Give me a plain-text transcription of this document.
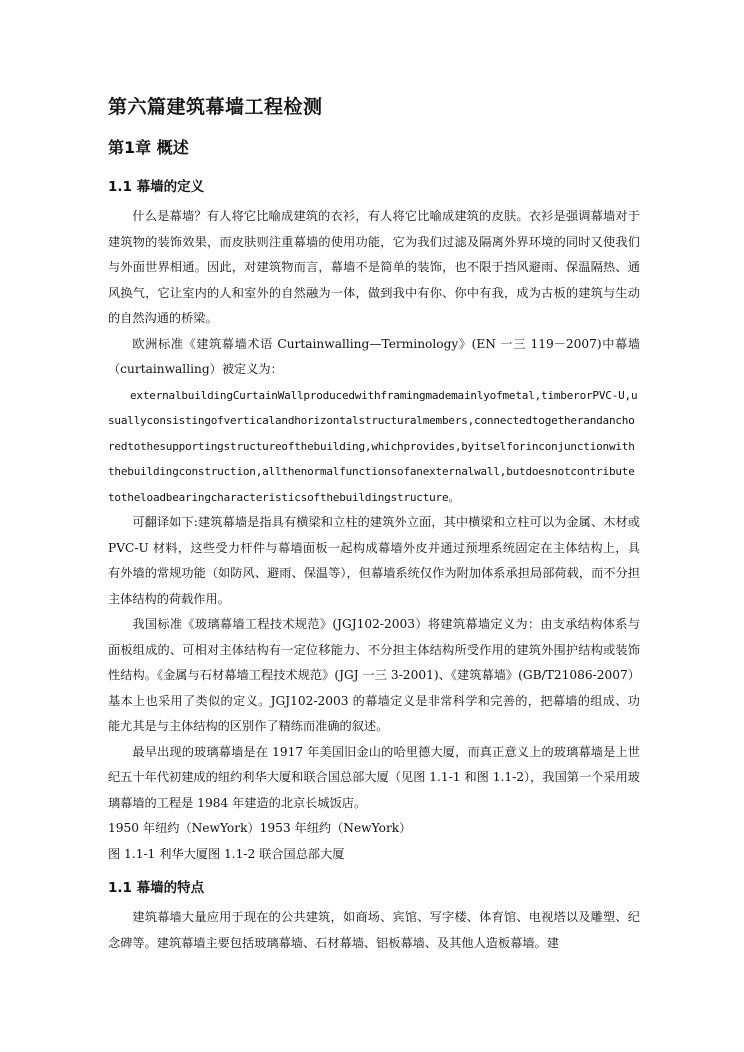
第六篇建筑幕墙工程检测
第1章 概述
1.1 幕墙的定义

什么是幕墙？有人将它比喻成建筑的衣衫，有人将它比喻成建筑的皮肤。衣衫是强调幕墙对于建筑物的装饰效果，而皮肤则注重幕墙的使用功能，它为我们过滤及隔离外界环境的同时又使我们与外面世界相通。因此，对建筑物而言，幕墙不是简单的装饰，也不限于挡风避雨、保温隔热、通风换气，它让室内的人和室外的自然融为一体，做到我中有你、你中有我，成为古板的建筑与生动的自然沟通的桥梁。

欧洲标准《建筑幕墙术语 Curtainwalling—Terminology》(EN 一三 119－2007)中幕墙（curtainwalling）被定义为：

externalbuildingCurtainWallproducedwithframingmademainlyofmetal,timberorPVC-U,usuallyconsistingofverticalandhorizontalstructuralmembers,connectedtogetherandanchoredtothesupportingstructureofthebuilding,whichprovides,byitselforinconjunctionwiththebuildingconstruction,allthenormalfunctionsofanexternalwall,butdoesnotcontributetotheloadbearingcharacteristicsofthebuildingstructure。

可翻译如下:建筑幕墙是指具有横梁和立柱的建筑外立面，其中横梁和立柱可以为金属、木材或 PVC-U 材料，这些受力杆件与幕墙面板一起构成幕墙外皮并通过预埋系统固定在主体结构上，具有外墙的常规功能（如防风、避雨、保温等），但幕墙系统仅作为附加体系承担局部荷载，而不分担主体结构的荷载作用。

我国标准《玻璃幕墙工程技术规范》(JGJ102-2003）将建筑幕墙定义为：由支承结构体系与面板组成的、可相对主体结构有一定位移能力、不分担主体结构所受作用的建筑外围护结构或装饰性结构。《金属与石材幕墙工程技术规范》(JGJ 一三 3-2001)、《建筑幕墙》(GB/T21086-2007）基本上也采用了类似的定义。JGJ102-2003 的幕墙定义是非常科学和完善的，把幕墙的组成、功能尤其是与主体结构的区别作了精练而准确的叙述。

最早出现的玻璃幕墙是在 1917 年美国旧金山的哈里德大厦，而真正意义上的玻璃幕墙是上世纪五十年代初建成的纽约利华大厦和联合国总部大厦（见图 1.1-1 和图 1.1-2），我国第一个采用玻璃幕墙的工程是 1984 年建造的北京长城饭店。

1950 年纽约（NewYork）1953 年纽约（NewYork）

图 1.1-1 利华大厦图 1.1-2 联合国总部大厦

1.1 幕墙的特点

建筑幕墙大量应用于现在的公共建筑，如商场、宾馆、写字楼、体育馆、电视塔以及雕塑、纪念碑等。建筑幕墙主要包括玻璃幕墙、石材幕墙、铝板幕墙、及其他人造板幕墙。建
